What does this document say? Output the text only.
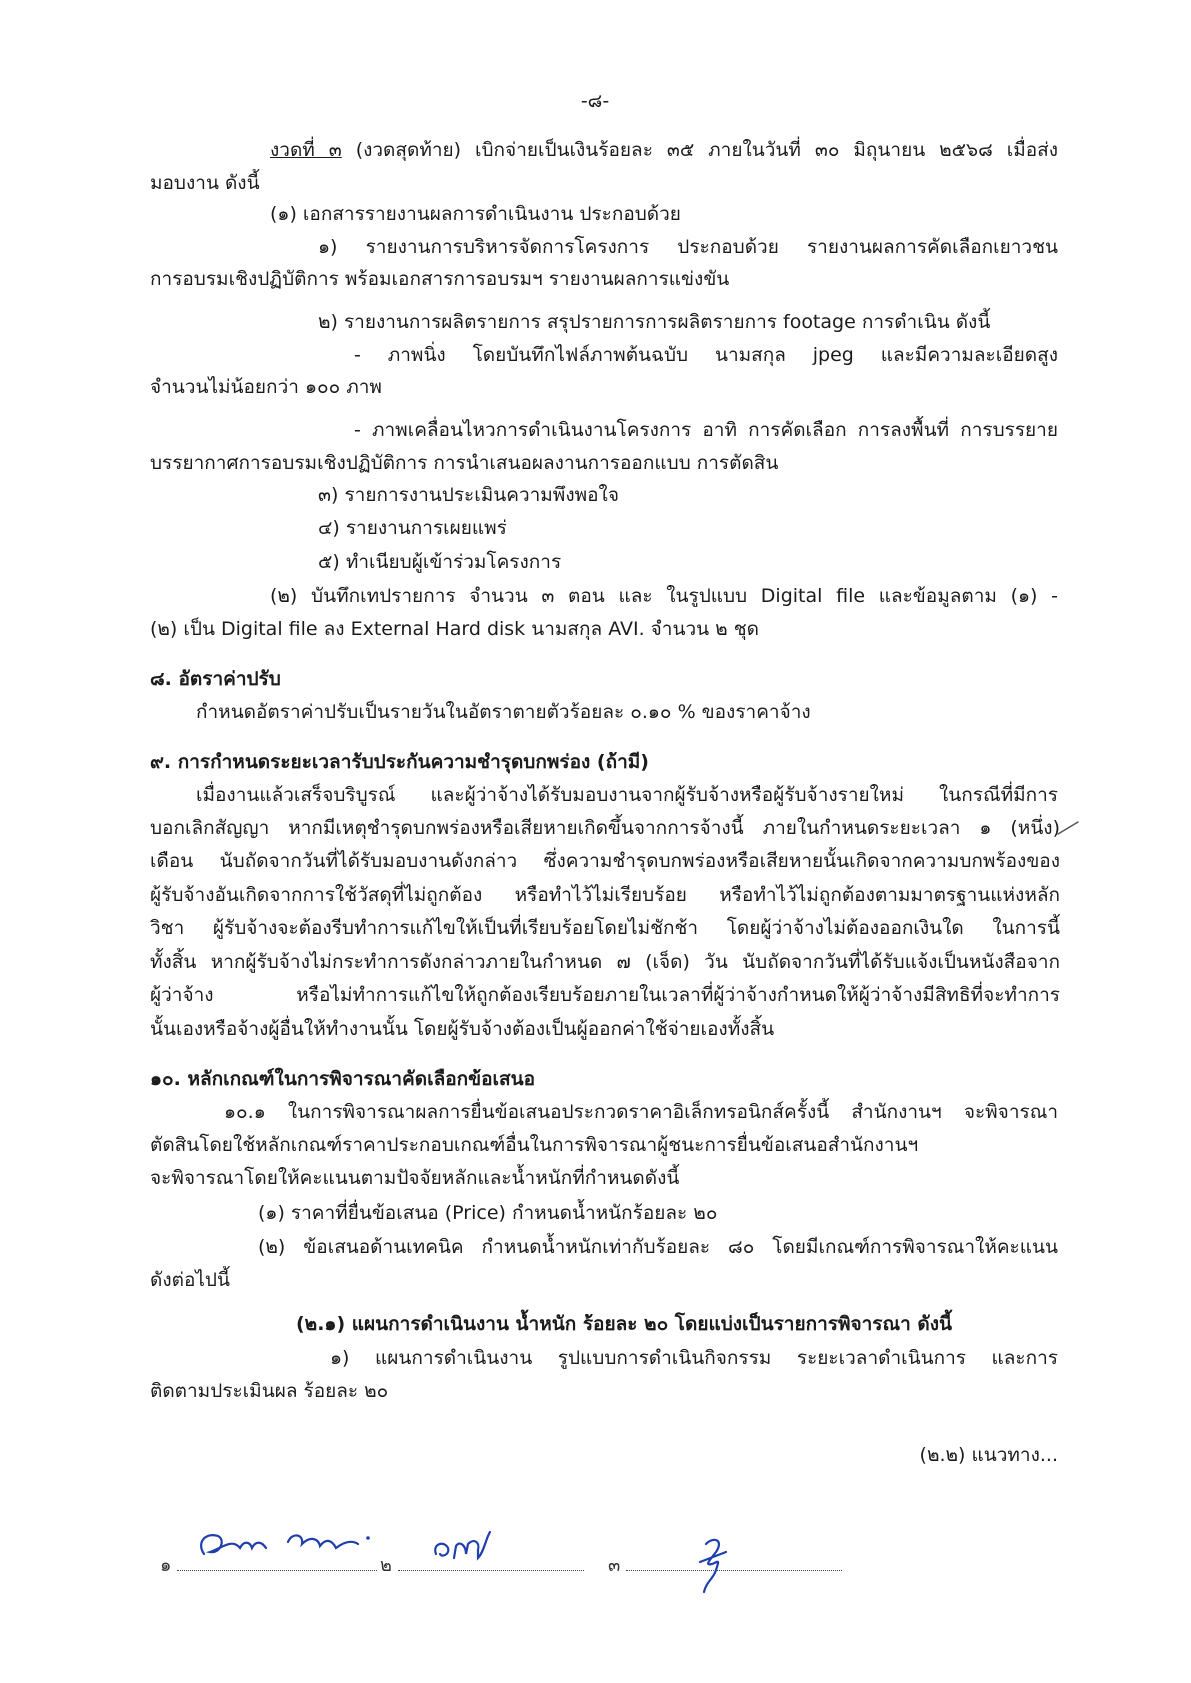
-๘-
งวดที่ ๓ (งวดสุดท้าย) เบิกจ่ายเป็นเงินร้อยละ ๓๕ ภายในวันที่ ๓๐ มิถุนายน ๒๕๖๘ เมื่อส่ง
มอบงาน ดังนี้
(๑) เอกสารรายงานผลการดำเนินงาน ประกอบด้วย
๑) รายงานการบริหารจัดการโครงการ ประกอบด้วย รายงานผลการคัดเลือกเยาวชน
การอบรมเชิงปฏิบัติการ พร้อมเอกสารการอบรมฯ รายงานผลการแข่งขัน
๒) รายงานการผลิตรายการ สรุปรายการการผลิตรายการ footage การดำเนิน ดังนี้
- ภาพนิ่ง โดยบันทึกไฟล์ภาพต้นฉบับ นามสกุล jpeg และมีความละเอียดสูง
จำนวนไม่น้อยกว่า ๑๐๐ ภาพ
- ภาพเคลื่อนไหวการดำเนินงานโครงการ อาทิ การคัดเลือก การลงพื้นที่ การบรรยาย
บรรยากาศการอบรมเชิงปฏิบัติการ การนำเสนอผลงานการออกแบบ การตัดสิน
๓) รายการงานประเมินความพึงพอใจ
๔) รายงานการเผยแพร่
๕) ทำเนียบผู้เข้าร่วมโครงการ
(๒) บันทึกเทปรายการ จำนวน ๓ ตอน และ ในรูปแบบ Digital file และข้อมูลตาม (๑) -
(๒) เป็น Digital file ลง External Hard disk นามสกุล AVI. จำนวน ๒ ชุด
๘. อัตราค่าปรับ
กำหนดอัตราค่าปรับเป็นรายวันในอัตราตายตัวร้อยละ ๐.๑๐ % ของราคาจ้าง
๙. การกำหนดระยะเวลารับประกันความชำรุดบกพร่อง (ถ้ามี)
เมื่องานแล้วเสร็จบริบูรณ์ และผู้ว่าจ้างได้รับมอบงานจากผู้รับจ้างหรือผู้รับจ้างรายใหม่ ในกรณีที่มีการ
บอกเลิกสัญญา หากมีเหตุชำรุดบกพร่องหรือเสียหายเกิดขึ้นจากการจ้างนี้ ภายในกำหนดระยะเวลา ๑ (หนึ่ง)
เดือน นับถัดจากวันที่ได้รับมอบงานดังกล่าว ซึ่งความชำรุดบกพร่องหรือเสียหายนั้นเกิดจากความบกพร้องของ
ผู้รับจ้างอันเกิดจากการใช้วัสดุที่ไม่ถูกต้อง หรือทำไว้ไม่เรียบร้อย หรือทำไว้ไม่ถูกต้องตามมาตรฐานแห่งหลัก
วิชา ผู้รับจ้างจะต้องรีบทำการแก้ไขให้เป็นที่เรียบร้อยโดยไม่ชักช้า โดยผู้ว่าจ้างไม่ต้องออกเงินใด ในการนี้
ทั้งสิ้น หากผู้รับจ้างไม่กระทำการดังกล่าวภายในกำหนด ๗ (เจ็ด) วัน นับถัดจากวันที่ได้รับแจ้งเป็นหนังสือจาก
ผู้ว่าจ้าง หรือไม่ทำการแก้ไขให้ถูกต้องเรียบร้อยภายในเวลาที่ผู้ว่าจ้างกำหนดให้ผู้ว่าจ้างมีสิทธิที่จะทำการ
นั้นเองหรือจ้างผู้อื่นให้ทำงานนั้น โดยผู้รับจ้างต้องเป็นผู้ออกค่าใช้จ่ายเองทั้งสิ้น
๑๐. หลักเกณฑ์ในการพิจารณาคัดเลือกข้อเสนอ
๑๐.๑ ในการพิจารณาผลการยื่นข้อเสนอประกวดราคาอิเล็กทรอนิกส์ครั้งนี้ สำนักงานฯ จะพิจารณา
ตัดสินโดยใช้หลักเกณฑ์ราคาประกอบเกณฑ์อื่นในการพิจารณาผู้ชนะการยื่นข้อเสนอสำนักงานฯ
จะพิจารณาโดยให้คะแนนตามปัจจัยหลักและน้ำหนักที่กำหนดดังนี้
(๑) ราคาที่ยื่นข้อเสนอ (Price) กำหนดน้ำหนักร้อยละ ๒๐
(๒) ข้อเสนอด้านเทคนิค กำหนดน้ำหนักเท่ากับร้อยละ ๘๐ โดยมีเกณฑ์การพิจารณาให้คะแนน
ดังต่อไปนี้
(๒.๑) แผนการดำเนินงาน น้ำหนัก ร้อยละ ๒๐ โดยแบ่งเป็นรายการพิจารณา ดังนี้
๑) แผนการดำเนินงาน รูปแบบการดำเนินกิจกรรม ระยะเวลาดำเนินการ และการ
ติดตามประเมินผล ร้อยละ ๒๐
(๒.๒) แนวทาง...
๑	๒	๓
